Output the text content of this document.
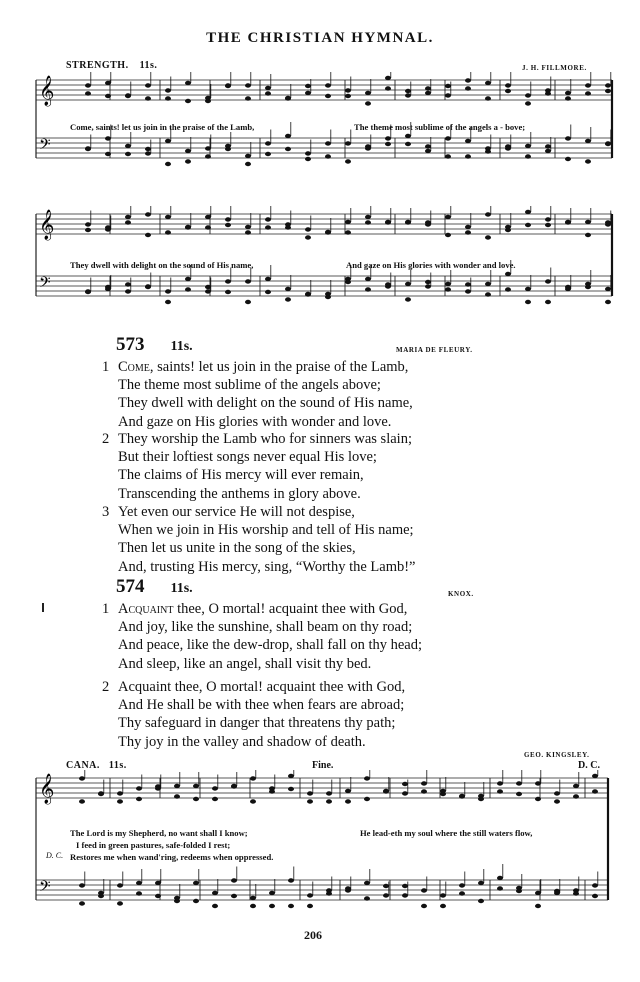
THE CHRISTIAN HYMNAL.
STRENGTH. 11s.	J. H. FILLMORE.
𝄞
𝄢
Come, saints! let us join in the praise of the Lamb,	The theme most sublime of the angels a - bove;
𝄞
𝄢
They dwell with delight on the sound of His name,	And gaze on His glories with wonder and love.
573 11s.	MARIA DE FLEURY.
1 Come, saints! let us join in the praise of the Lamb,
The theme most sublime of the angels above;
They dwell with delight on the sound of His name,
And gaze on His glories with wonder and love.
2 They worship the Lamb who for sinners was slain;
But their loftiest songs never equal His love;
The claims of His mercy will ever remain,
Transcending the anthems in glory above.
3 Yet even our service He will not despise,
When we join in His worship and tell of His name;
Then let us unite in the song of the skies,
And, trusting His mercy, sing, “Worthy the Lamb!”
574 11s.	KNOX.
1 Acquaint thee, O mortal! acquaint thee with God,
And joy, like the sunshine, shall beam on thy road;
And peace, like the dew-drop, shall fall on thy head;
And sleep, like an angel, shall visit thy bed.
2 Acquaint thee, O mortal! acquaint thee with God,
And He shall be with thee when fears are abroad;
Thy safeguard in danger that threatens thy path;
Thy joy in the valley and shadow of death.
CANA. 11s.
GEO. KINGSLEY.
Fine.	D. C.
𝄞
𝄢
The Lord is my Shepherd, no want shall I know;	He lead-eth my soul where the still waters flow,
I feed in green pastures, safe-folded I rest;
D. C. Restores me when wand'ring, redeems when oppressed.
206
